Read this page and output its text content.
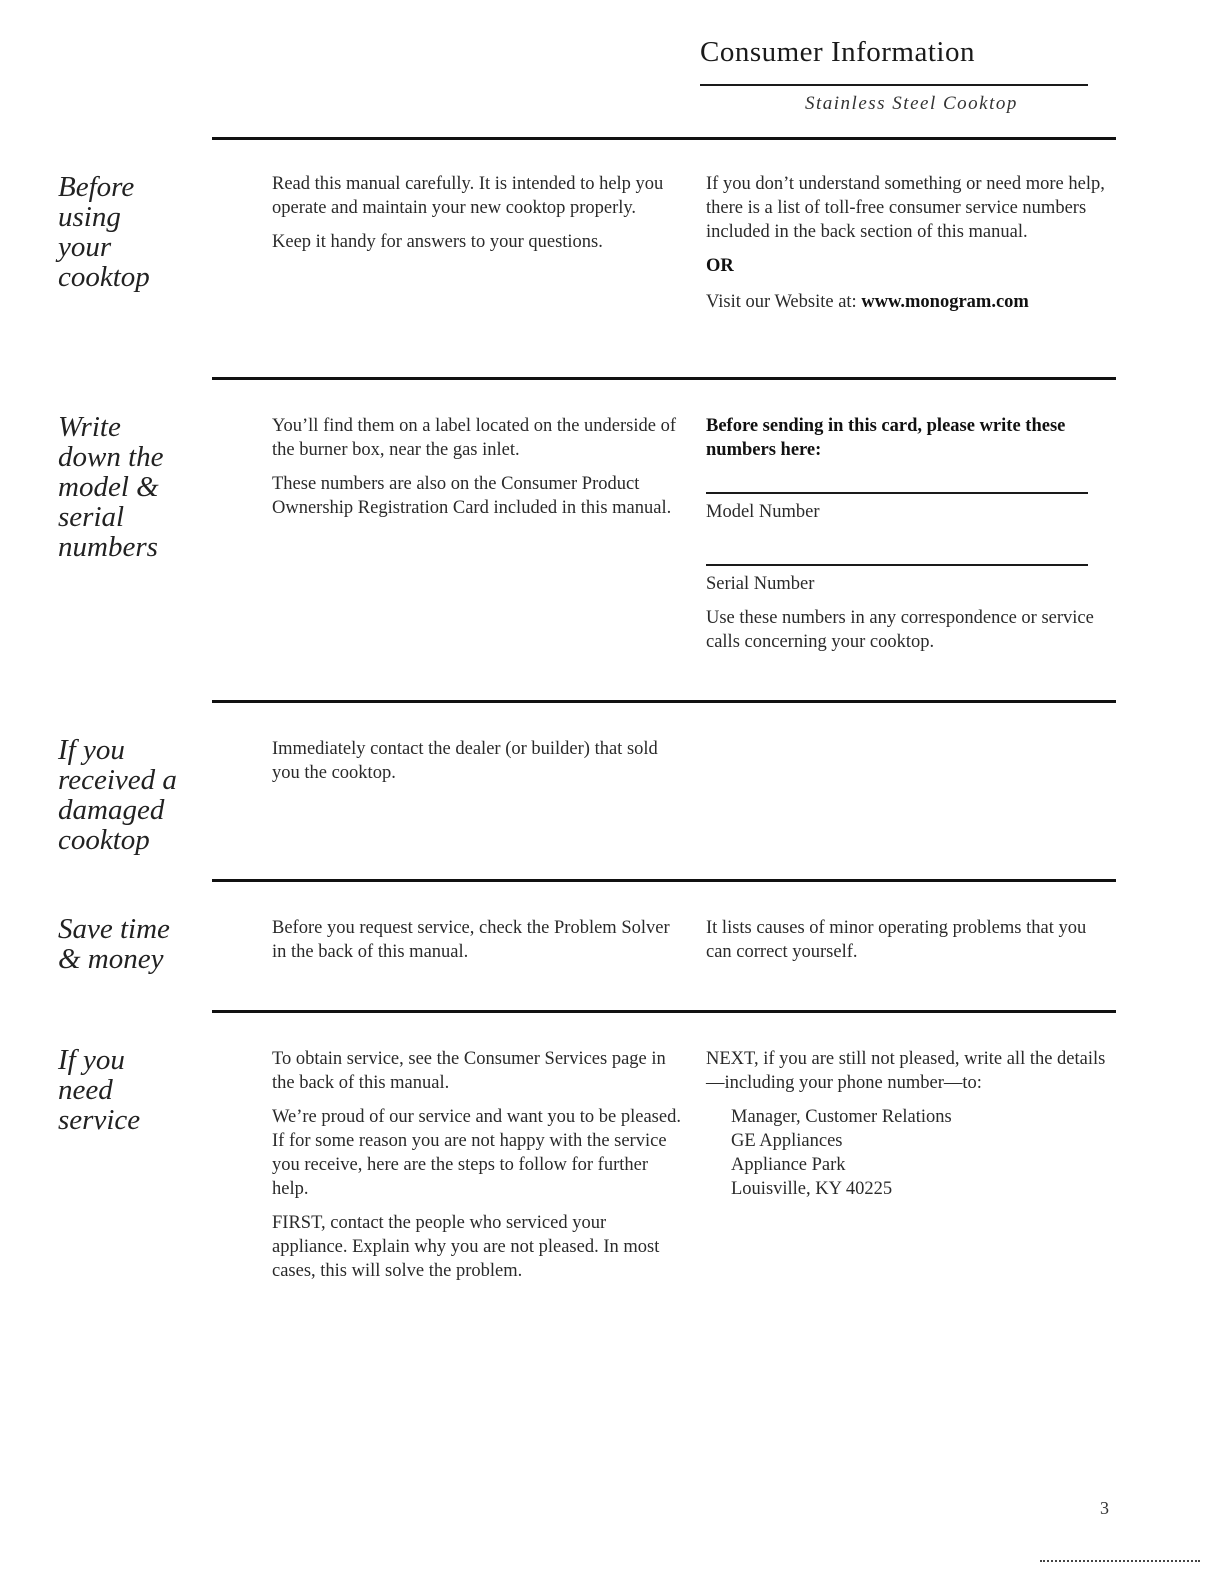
Consumer Information
Stainless Steel Cooktop
Before
using
your
cooktop

Read this manual carefully. It is intended to help you operate and maintain your new cooktop properly.

Keep it handy for answers to your questions.

If you don’t understand something or need more help, there is a list of toll-free consumer service numbers included in the back section of this manual.

OR

Visit our Website at: www.monogram.com

Write
down the
model &
serial
numbers

You’ll find them on a label located on the underside of the burner box, near the gas inlet.

These numbers are also on the Consumer Product Ownership Registration Card included in this manual.

Before sending in this card, please write these numbers here:

Model Number

Serial Number

Use these numbers in any correspondence or service calls concerning your cooktop.

If you
received a
damaged
cooktop

Immediately contact the dealer (or builder) that sold you the cooktop.

Save time
& money

Before you request service, check the Problem Solver in the back of this manual.

It lists causes of minor operating problems that you can correct yourself.

If you
need
service

To obtain service, see the Consumer Services page in the back of this manual.

We’re proud of our service and want you to be pleased. If for some reason you are not happy with the service you receive, here are the steps to follow for further help.

FIRST, contact the people who serviced your appliance. Explain why you are not pleased. In most cases, this will solve the problem.

NEXT, if you are still not pleased, write all the details—including your phone number—to:

Manager, Customer Relations
GE Appliances
Appliance Park
Louisville, KY 40225
3
